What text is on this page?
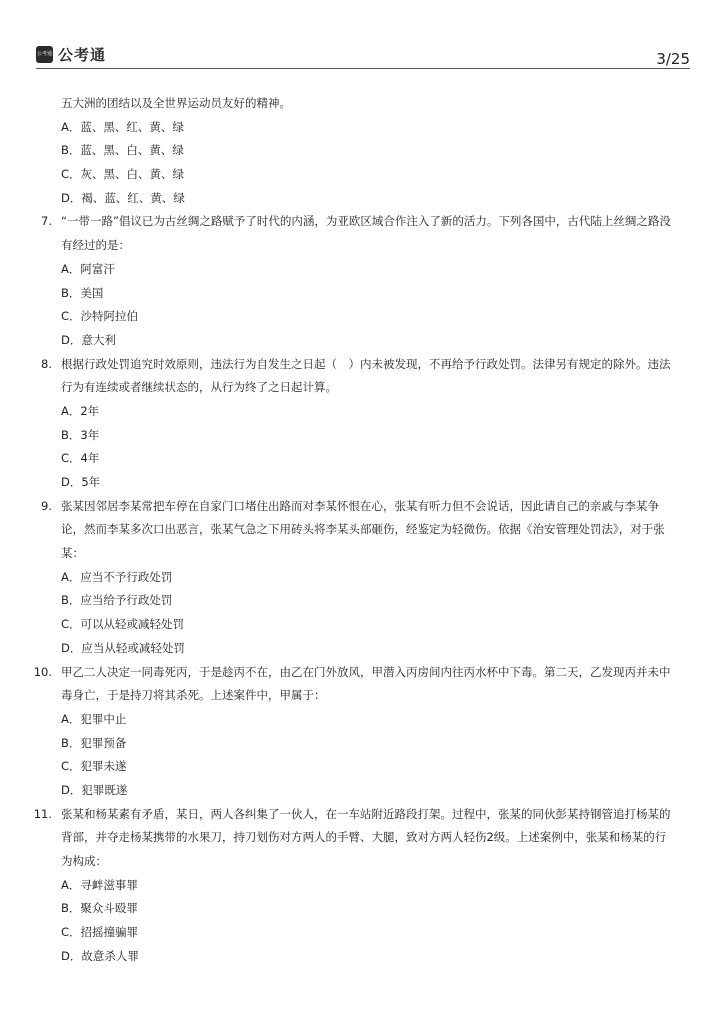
公考通 公考通	3/25
五大洲的团结以及全世界运动员友好的精神。
A．蓝、黑、红、黄、绿
B．蓝、黑、白、黄、绿
C．灰、黑、白、黄、绿
D．褐、蓝、红、黄、绿
7. “一带一路”倡议已为古丝绸之路赋予了时代的内涵，为亚欧区域合作注入了新的活力。下列各国中，古代陆上丝绸之路没
有经过的是：
A．阿富汗
B．美国
C．沙特阿拉伯
D．意大利
8. 根据行政处罚追究时效原则，违法行为自发生之日起（　）内未被发现，不再给予行政处罚。法律另有规定的除外。违法
行为有连续或者继续状态的，从行为终了之日起计算。
A．2年
B．3年
C．4年
D．5年
9. 张某因邻居李某常把车停在自家门口堵住出路而对李某怀恨在心，张某有听力但不会说话，因此请自己的亲戚与李某争
论，然而李某多次口出恶言，张某气急之下用砖头将李某头部砸伤，经鉴定为轻微伤。依据《治安管理处罚法》，对于张
某：
A．应当不予行政处罚
B．应当给予行政处罚
C．可以从轻或减轻处罚
D．应当从轻或减轻处罚
10. 甲乙二人决定一同毒死丙，于是趁丙不在，由乙在门外放风，甲潜入丙房间内往丙水杯中下毒。第二天，乙发现丙并未中
毒身亡，于是持刀将其杀死。上述案件中，甲属于：
A．犯罪中止
B．犯罪预备
C．犯罪未遂
D．犯罪既遂
11. 张某和杨某素有矛盾，某日，两人各纠集了一伙人，在一车站附近路段打架。过程中，张某的同伙彭某持钢管追打杨某的
背部，并夺走杨某携带的水果刀，持刀划伤对方两人的手臂、大腿，致对方两人轻伤2级。上述案例中，张某和杨某的行
为构成：
A．寻衅滋事罪
B．聚众斗殴罪
C．招摇撞骗罪
D．故意杀人罪
